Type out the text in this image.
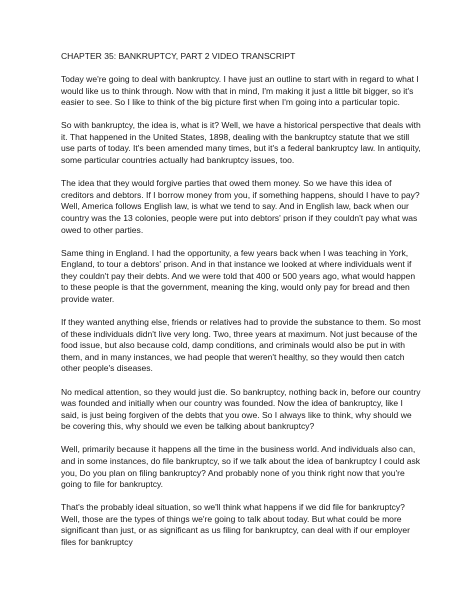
CHAPTER 35: BANKRUPTCY, PART 2 VIDEO TRANSCRIPT

Today we're going to deal with bankruptcy. I have just an outline to start with in regard to what I would like us to think through. Now with that in mind, I'm making it just a little bit bigger, so it's easier to see. So I like to think of the big picture first when I'm going into a particular topic.

So with bankruptcy, the idea is, what is it? Well, we have a historical perspective that deals with it. That happened in the United States, 1898, dealing with the bankruptcy statute that we still use parts of today. It's been amended many times, but it's a federal bankruptcy law. In antiquity, some particular countries actually had bankruptcy issues, too.

The idea that they would forgive parties that owed them money. So we have this idea of creditors and debtors. If I borrow money from you, if something happens, should I have to pay? Well, America follows English law, is what we tend to say. And in English law, back when our country was the 13 colonies, people were put into debtors' prison if they couldn't pay what was owed to other parties.

Same thing in England. I had the opportunity, a few years back when I was teaching in York, England, to tour a debtors' prison. And in that instance we looked at where individuals went if they couldn't pay their debts. And we were told that 400 or 500 years ago, what would happen to these people is that the government, meaning the king, would only pay for bread and then provide water.

If they wanted anything else, friends or relatives had to provide the substance to them. So most of these individuals didn't live very long. Two, three years at maximum. Not just because of the food issue, but also because cold, damp conditions, and criminals would also be put in with them, and in many instances, we had people that weren't healthy, so they would then catch other people's diseases.

No medical attention, so they would just die. So bankruptcy, nothing back in, before our country was founded and initially when our country was founded. Now the idea of bankruptcy, like I said, is just being forgiven of the debts that you owe. So I always like to think, why should we be covering this, why should we even be talking about bankruptcy?

Well, primarily because it happens all the time in the business world. And individuals also can, and in some instances, do file bankruptcy, so if we talk about the idea of bankruptcy I could ask you, Do you plan on filing bankruptcy? And probably none of you think right now that you're going to file for bankruptcy.

That's the probably ideal situation, so we'll think what happens if we did file for bankruptcy? Well, those are the types of things we're going to talk about today. But what could be more significant than just, or as significant as us filing for bankruptcy, can deal with if our employer files for bankruptcy
